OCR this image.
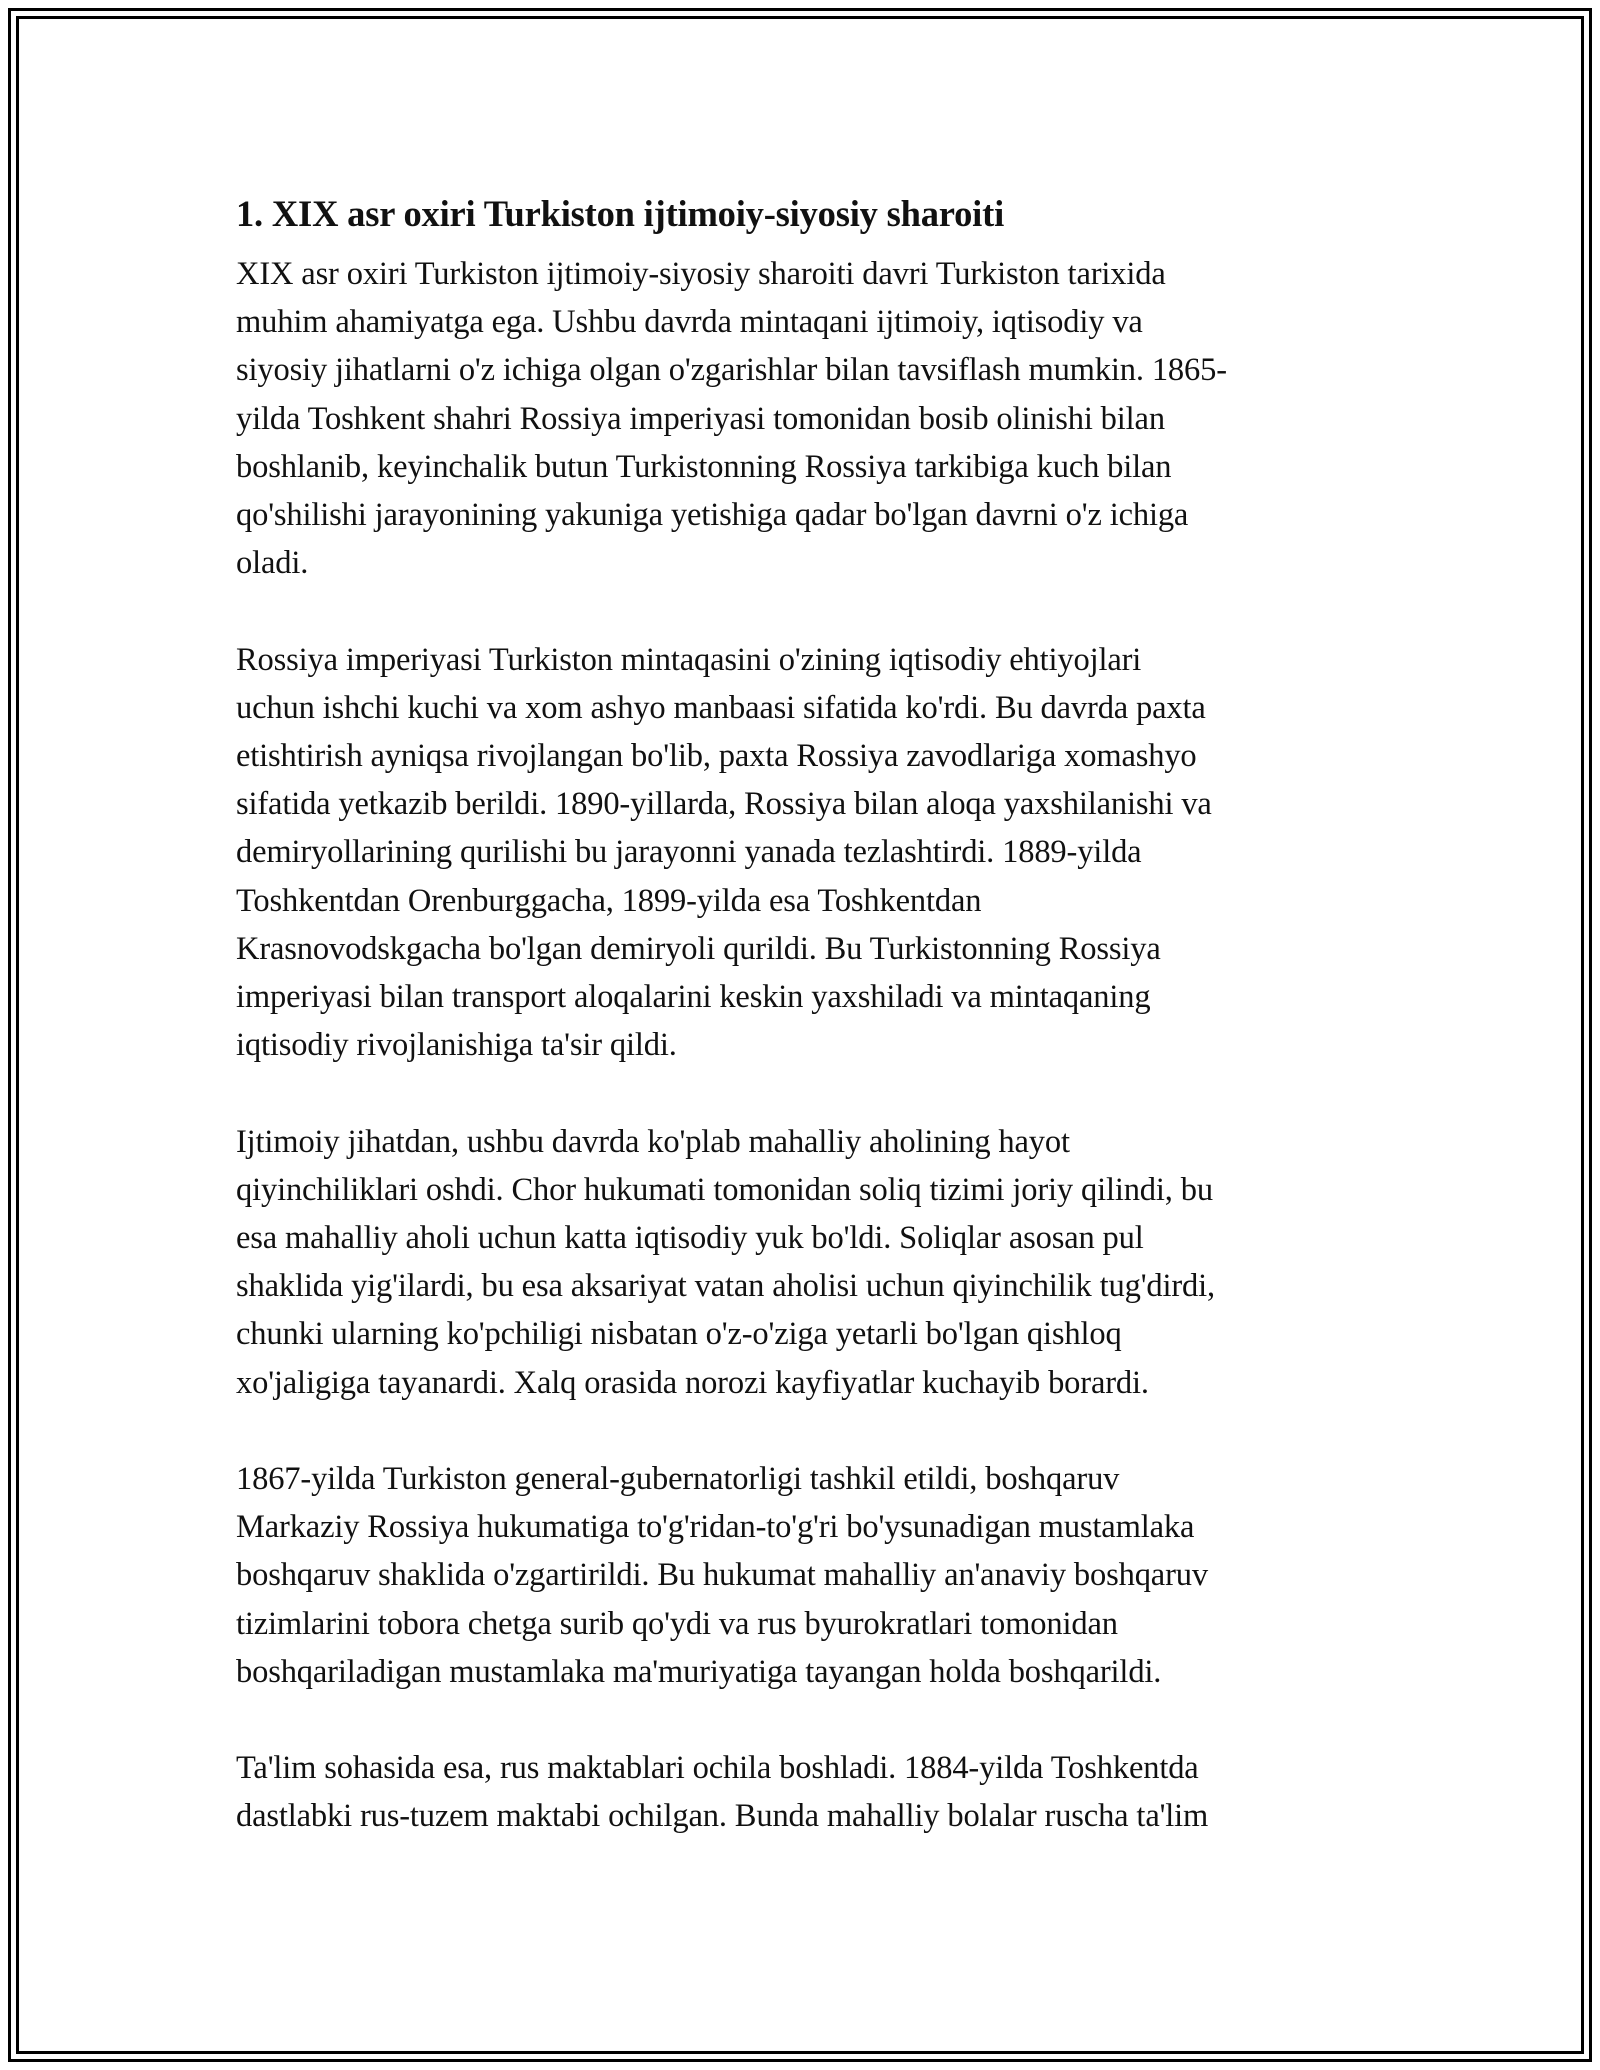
1. XIX asr oxiri Turkiston ijtimoiy-siyosiy sharoiti

XIX asr oxiri Turkiston ijtimoiy-siyosiy sharoiti davri Turkiston tarixida
muhim ahamiyatga ega. Ushbu davrda mintaqani ijtimoiy, iqtisodiy va
siyosiy jihatlarni o'z ichiga olgan o'zgarishlar bilan tavsiflash mumkin. 1865-
yilda Toshkent shahri Rossiya imperiyasi tomonidan bosib olinishi bilan
boshlanib, keyinchalik butun Turkistonning Rossiya tarkibiga kuch bilan
qo'shilishi jarayonining yakuniga yetishiga qadar bo'lgan davrni o'z ichiga
oladi.

Rossiya imperiyasi Turkiston mintaqasini o'zining iqtisodiy ehtiyojlari
uchun ishchi kuchi va xom ashyo manbaasi sifatida ko'rdi. Bu davrda paxta
etishtirish ayniqsa rivojlangan bo'lib, paxta Rossiya zavodlariga xomashyo
sifatida yetkazib berildi. 1890-yillarda, Rossiya bilan aloqa yaxshilanishi va
demiryollarining qurilishi bu jarayonni yanada tezlashtirdi. 1889-yilda
Toshkentdan Orenburggacha, 1899-yilda esa Toshkentdan
Krasnovodskgacha bo'lgan demiryoli qurildi. Bu Turkistonning Rossiya
imperiyasi bilan transport aloqalarini keskin yaxshiladi va mintaqaning
iqtisodiy rivojlanishiga ta'sir qildi.

Ijtimoiy jihatdan, ushbu davrda ko'plab mahalliy aholining hayot
qiyinchiliklari oshdi. Chor hukumati tomonidan soliq tizimi joriy qilindi, bu
esa mahalliy aholi uchun katta iqtisodiy yuk bo'ldi. Soliqlar asosan pul
shaklida yig'ilardi, bu esa aksariyat vatan aholisi uchun qiyinchilik tug'dirdi,
chunki ularning ko'pchiligi nisbatan o'z-o'ziga yetarli bo'lgan qishloq
xo'jaligiga tayanardi. Xalq orasida norozi kayfiyatlar kuchayib borardi.

1867-yilda Turkiston general-gubernatorligi tashkil etildi, boshqaruv
Markaziy Rossiya hukumatiga to'g'ridan-to'g'ri bo'ysunadigan mustamlaka
boshqaruv shaklida o'zgartirildi. Bu hukumat mahalliy an'anaviy boshqaruv
tizimlarini tobora chetga surib qo'ydi va rus byurokratlari tomonidan
boshqariladigan mustamlaka ma'muriyatiga tayangan holda boshqarildi.

Ta'lim sohasida esa, rus maktablari ochila boshladi. 1884-yilda Toshkentda
dastlabki rus-tuzem maktabi ochilgan. Bunda mahalliy bolalar ruscha ta'lim
